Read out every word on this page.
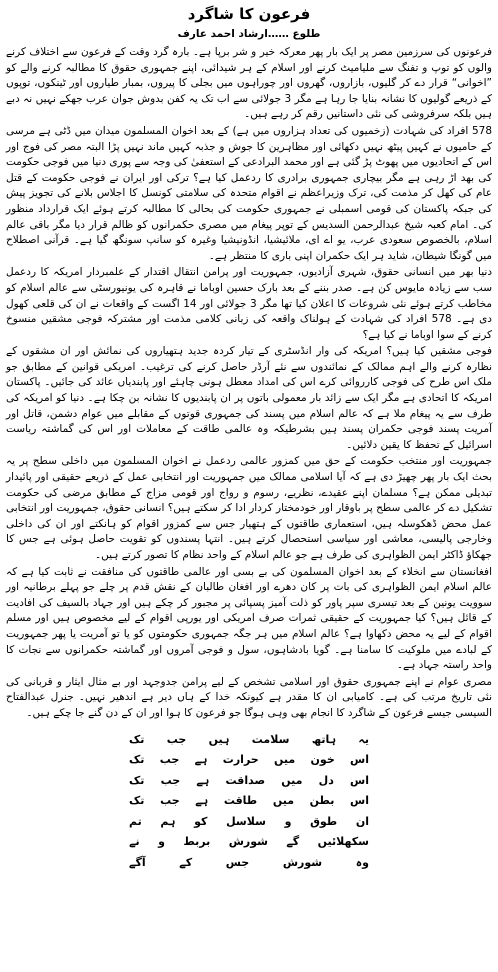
فرعون کا شاگرد
طلوع ……ارشاد احمد عارف
فرعونوں کی سرزمین مصر پر ایک بار پھر معرکہ خیر و شر برپا ہے۔ بارہ گرد وقت کے فرعون سے اختلاف کرنے والوں کو توپ و تفنگ سے ملیامیٹ کرنے اور اسلام کے ہر شیدائی، اپنے جمہوری حقوق کا مطالبہ کرنے والے کو ”اخوانی“ قرار دے کر گلیوں، بازاروں، گھروں اور چوراہوں میں بجلی کا پیروں، بمبار طیاروں اور ٹینکوں، توپوں کے ذریعے گولیوں کا نشانہ بنایا جا رہا ہے مگر 3 جولائی سے اب تک یہ کفن بدوش جوان عرب جھکے نہیں نہ دبے ہیں بلکہ سرفروشی کی نئی داستانیں رقم کر رہے ہیں۔
578 افراد کی شہادت (زخمیوں کی تعداد ہزاروں میں ہے) کے بعد اخوان المسلمون میدان میں ڈٹی ہے مرسی کے حامیوں نے کہیں پیٹھ نہیں دکھائی اور مظاہرین کا جوش و جذبہ کہیں ماند نہیں پڑا البتہ مصر کی فوج اور اس کے اتحادیوں میں پھوٹ پڑ گئی ہے اور محمد البرادعی کے استعفیٰ کی وجہ سے پوری دنیا میں فوجی حکومت کی بھد اڑ رہی ہے مگر بیچاری جمہوری برادری کا ردعمل کیا ہے؟ ترکی اور ایران نے فوجی حکومت کے قتل عام کی کھل کر مذمت کی، ترک وزیراعظم نے اقوام متحدہ کی سلامتی کونسل کا اجلاس بلانے کی تجویز پیش کی جبکہ پاکستان کی قومی اسمبلی نے جمہوری حکومت کی بحالی کا مطالبہ کرتے ہوئے ایک قرارداد منظور کی۔ امام کعبہ شیخ عبدالرحمن السدیس کے توپر پیغام میں مصری حکمرانوں کو ظالم قرار دیا مگر باقی عالم اسلام، بالخصوص سعودی عرب، یو اے ای، ملائیشیا، انڈونیشیا وغیرہ کو سانپ سونگھ گیا ہے۔ قرآنی اصطلاح میں گونگا شیطان، شاید ہر ایک حکمران اپنی باری کا منتظر ہے۔
دنیا بھر میں انسانی حقوق، شہری آزادیوں، جمہوریت اور پرامن انتقال اقتدار کے علمبردار امریکہ کا ردعمل سب سے زیادہ مایوس کن ہے۔ صدر بننے کے بعد بارک حسین اوباما نے قاہرہ کی یونیورسٹی سے عالم اسلام کو مخاطب کرتے ہوئے نئی شروعات کا اعلان کیا تھا مگر 3 جولائی اور 14 اگست کے واقعات نے ان کی قلعی کھول دی ہے۔ 578 افراد کی شہادت کے ہولناک واقعہ کی زبانی کلامی مذمت اور مشترکہ فوجی مشقیں منسوخ کرنے کے سوا اوباما نے کیا ہے؟
فوجی مشقیں کیا ہیں؟ امریکہ کی وار انڈسٹری کے تیار کردہ جدید ہتھیاروں کی نمائش اور ان مشقوں کے نظارہ کرنے والے اہم ممالک کے نمائندوں سے نئے آرڈر حاصل کرنے کی ترغیب۔ امریکی قوانین کے مطابق جو ملک اس طرح کی فوجی کارروائی کرے اس کی امداد معطل ہونی چاہئے اور پابندیاں عائد کی جائیں۔ پاکستان امریکہ کا اتحادی ہے مگر ایک سے زائد بار معمولی باتوں پر ان پابندیوں کا نشانہ بن چکا ہے۔ دنیا کو امریکہ کی طرف سے یہ پیغام ملا ہے کہ عالم اسلام میں پسند کی جمہوری قوتوں کے مقابلے میں عوام دشمن، قاتل اور آمریت پسند فوجی حکمران پسند ہیں بشرطیکہ وہ عالمی طاقت کے معاملات اور اس کی گماشتہ ریاست اسرائیل کے تحفظ کا یقین دلائیں۔
جمہوریت اور منتخب حکومت کے حق میں کمزور عالمی ردعمل نے اخوان المسلمون میں داخلی سطح پر یہ بحث ایک بار پھر چھیڑ دی ہے کہ آیا اسلامی ممالک میں جمہوریت اور انتخابی عمل کے ذریعے حقیقی اور پائیدار تبدیلی ممکن ہے؟ مسلمان اپنے عقیدے، نظریے، رسوم و رواج اور قومی مزاج کے مطابق مرضی کی حکومت تشکیل دے کر عالمی سطح پر باوقار اور خودمختار کردار ادا کر سکتے ہیں؟ انسانی حقوق، جمہوریت اور انتخابی عمل محض ڈھکوسلہ ہیں، استعماری طاقتوں کے ہتھیار جس سے کمزور اقوام کو ہانکتے اور ان کی داخلی وخارجی پالیسی، معاشی اور سیاسی استحصال کرتے ہیں۔ انتہا پسندوں کو تقویت حاصل ہوئی ہے جس کا جھکاؤ ڈاکٹر ایمن الظواہری کی طرف ہے جو عالم اسلام کے واحد نظام کا تصور کرتے ہیں۔
افغانستان سے انخلاء کے بعد اخوان المسلمون کی بے بسی اور عالمی طاقتوں کی منافقت نے ثابت کیا ہے کہ عالم اسلام ایمن الظواہری کی بات پر کان دھرے اور افغان طالبان کے نقش قدم پر چلے جو پہلے برطانیہ اور سوویت یونین کے بعد تیسری سپر پاور کو ذلت آمیز پسپائی پر مجبور کر چکے ہیں اور جہاد بالسیف کی افادیت کے قائل ہیں؟ کیا جمہوریت کے حقیقی ثمرات صرف امریکی اور یورپی اقوام کے لیے مخصوص ہیں اور مسلم اقوام کے لیے یہ محض دکھاوا ہے؟ عالم اسلام میں ہر جگہ جمہوری حکومتوں کو یا تو آمریت یا پھر جمہوریت کے لبادے میں ملوکیت کا سامنا ہے۔ گویا بادشاہوں، سول و فوجی آمروں اور گماشتہ حکمرانوں سے نجات کا واحد راستہ جہاد ہے۔
مصری عوام نے اپنے جمہوری حقوق اور اسلامی تشخص کے لیے پرامن جدوجہد اور بے مثال ایثار و قربانی کی نئی تاریخ مرتب کی ہے۔ کامیابی ان کا مقدر ہے کیونکہ خدا کے ہاں دیر ہے اندھیر نہیں۔ جنرل عبدالفتاح السیسی جیسے فرعون کے شاگرد کا انجام بھی وہی ہوگا جو فرعون کا ہوا اور ان کے دن گنے جا چکے ہیں۔
یہ
ہاتھ
سلامت
ہیں
جب
تک
اس
خون
میں
حرارت
ہے
جب
تک
اس
دل
میں
صداقت
ہے
جب
تک
اس
بطن
میں
طاقت
ہے
جب
تک
ان
طوق
و
سلاسل
کو
ہم
تم
سکھلائیں
گے
شورش
بربط
و
نے
وہ
شورش
جس
کے
آگے
